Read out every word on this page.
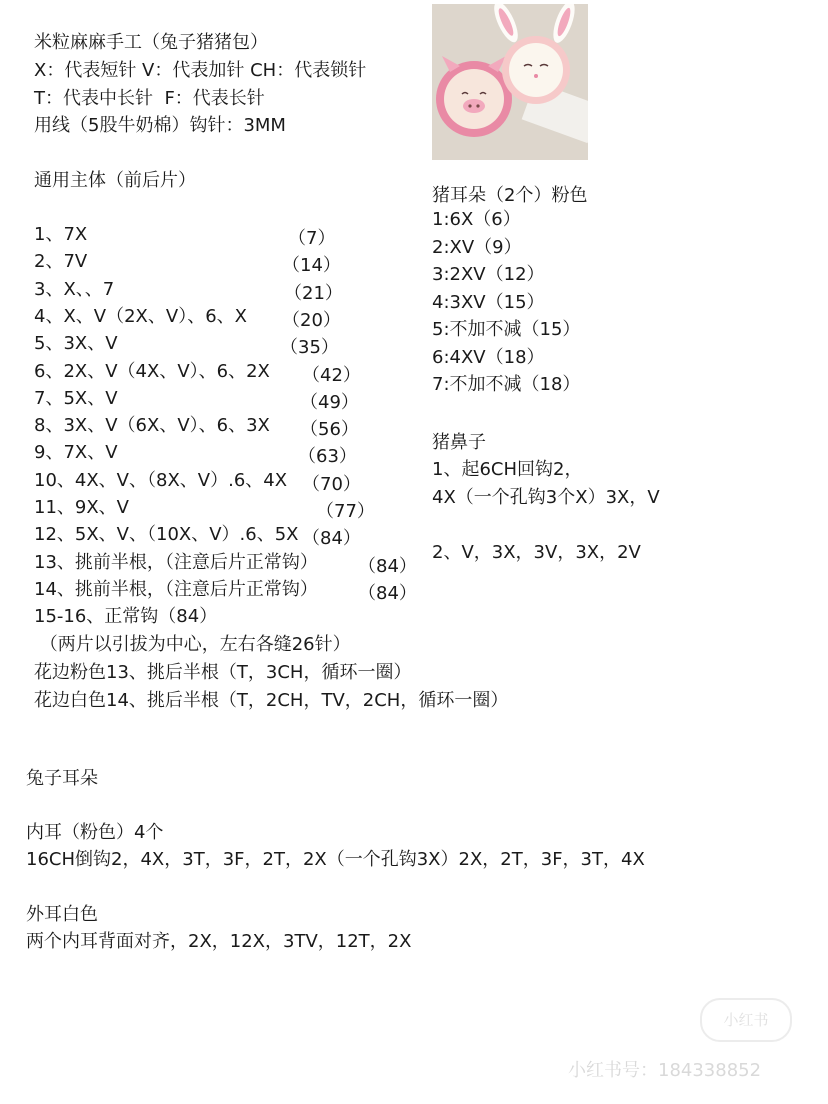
米粒麻麻手工（兔子猪猪包）
X：代表短针 V：代表加针 CH：代表锁针
T：代表中长针  F：代表长针
用线（5股牛奶棉）钩针：3MM
通用主体（前后片）
1、7X	（7）
2、7V	（14）
3、X、、7	（21）
4、X、V（2X、V）、6、X （20）
5、3X、V	（35）
6、2X、V（4X、V）、6、2X （42）
7、5X、V	（49）
8、3X、V（6X、V）、6、3X （56）
9、7X、V	（63）
10、4X、V、（8X、V）.6、4X （70）
11、9X、V	（77）
12、5X、V、（10X、V）.6、5X （84）
13、挑前半根，（注意后片正常钩） （84）
14、挑前半根，（注意后片正常钩） （84）
15-16、正常钩（84）
（两片以引拔为中心，左右各缝26针）
花边粉色13、挑后半根（T，3CH，循环一圈）
花边白色14、挑后半根（T，2CH，TV，2CH，循环一圈）
猪耳朵（2个）粉色
1:6X（6）
2:XV（9）
3:2XV（12）
4:3XV（15）
5:不加不减（15）
6:4XV（18）
7:不加不减（18）
猪鼻子
1、起6CH回钩2，
4X（一个孔钩3个X）3X，V
2、V，3X，3V，3X，2V
兔子耳朵
内耳（粉色）4个
16CH倒钩2，4X，3T，3F，2T，2X（一个孔钩3X）2X，2T，3F，3T，4X
外耳白色
两个内耳背面对齐，2X，12X，3TV，12T，2X
小红书
小红书号：184338852
